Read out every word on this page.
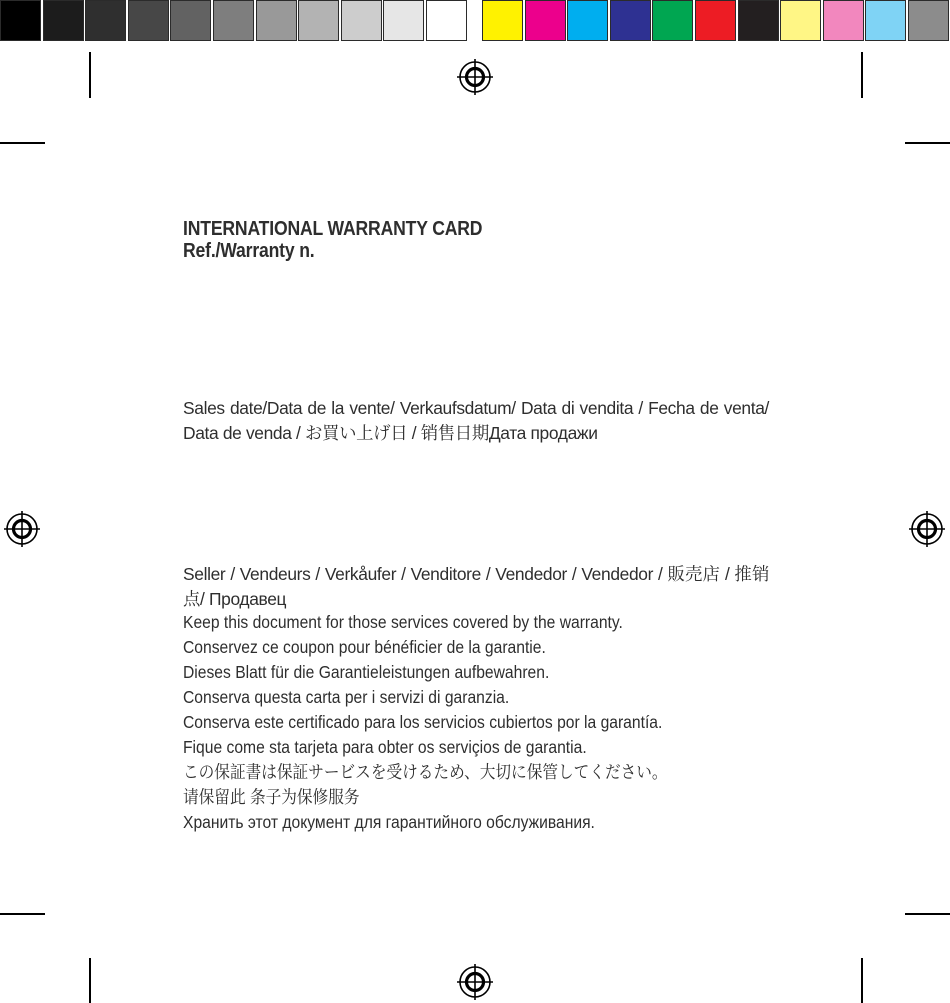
INTERNATIONAL WARRANTY CARD
Ref./Warranty n.
Sales date/Data de la vente/ Verkaufsdatum/ Data di vendita / Fecha de venta/ Data de venda / お買い上げ日 / 销售日期Дата продажи
Seller / Vendeurs / Verkåufer / Venditore / Vendedor / Vendedor / 販売店 / 推销点/ Продавец
Keep this document for those services covered by the warranty.
Conservez ce coupon pour bénéficier de la garantie.
Dieses Blatt für die Garantieleistungen aufbewahren.
Conserva questa carta per i servizi di garanzia.
Conserva este certificado para los servicios cubiertos por la garantía.
Fique come sta tarjeta para obter os serviçios de garantia.
この保証書は保証サービスを受けるため、大切に保管してください。
请保留此 条子为保修服务
Хранить этот документ для гарантийного обслуживания.
